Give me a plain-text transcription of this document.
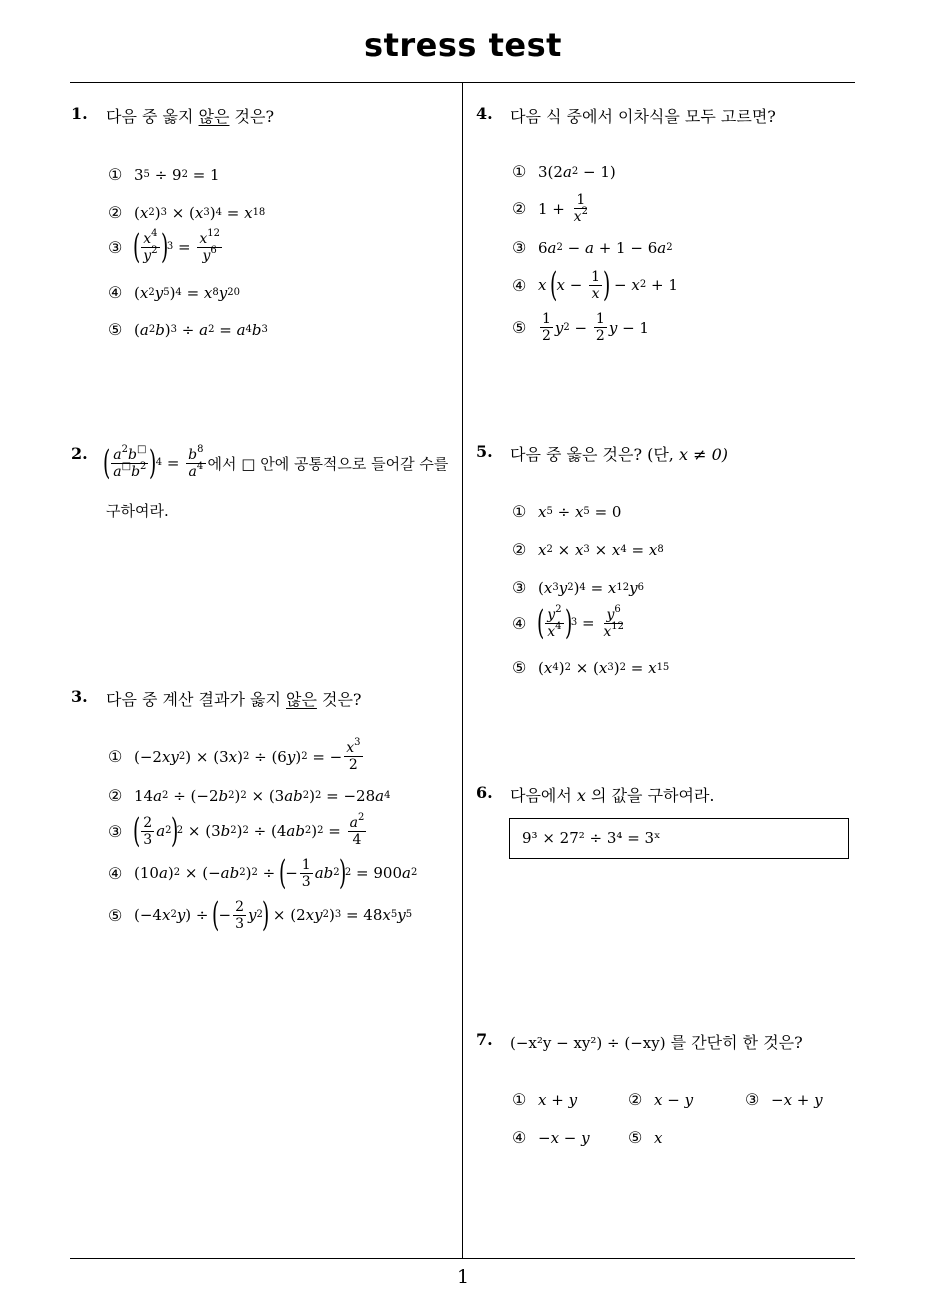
stress test
1
1. 다음 중 옳지 않은 것은?
① 3 5 ÷ 9 2 = 1
② ( x 2 ) 3 × ( x 3 ) 4 = x 18
③ ( $\frac{x^4}{y^2}$ )
$3 = \frac{x^{12}}{y^6}$
④ ( x 2 y 5 ) 4 = x 8 y 20
⑤ ( a 2 b ) 3 ÷ a 2 = a 4 b 3
2. ( $\frac{a^2b^□}{a^□b^2}$ )
$4 = \frac{b^8}{a^4}$ 에서 □ 안에 공통적으로 들어갈 수를
구하여라.
3. 다음 중 계산 결과가 옳지 않은 것은?
① (−2 xy 2 ) × (3 x ) 2 ÷ (6 y ) 2 = − $\frac{x^3}{2}$
② 14 a 2 ÷ (−2 b 2 ) 2 × (3 ab 2 ) 2 = −28 a 4
③ ( $\frac{2}{3}$ a 2
)
2 × (3 b 2 ) 2 ÷ (4 ab 2 ) $2 = \frac{a^2}{4}$
④ (10 a ) 2 × (− ab 2 ) 2 ÷
(
− $\frac{1}{3}$ ab 2
)
2 = 900 a 2
⑤ (−4 x 2 y ) ÷
(
− $\frac{2}{3}$ y 2
)
× (2 xy 2 ) 3 = 48 x 5 y 5
4. 다음 식 중에서 이차식을 모두 고르면?
① 3(2 a 2 − 1)
② $1 + \frac{1}{x^2}$
③ 6 a 2 − a + 1 − 6 a 2
④ x
(
$x - \frac{1}{x}$ )
− x 2 + 1
⑤ $\frac{1}{2}$ y $2 - \frac{1}{2}$ y − 1
5. 다음 중 옳은 것은? (단, x ≠ 0)
① x 5 ÷ x 5 = 0
② x 2 × x 3 × x 4 = x 8
③ ( x 3 y 2 ) 4 = x 12 y 6
④ ( $\frac{y^2}{x^4}$ )
$3 = \frac{y^6}{x^{12}}$
⑤ ( x 4 ) 2 × ( x 3 ) 2 = x 15
6. 다음에서 x 의 값을 구하여라.
9³ × 27² ÷ 3⁴ = 3ˣ
7. (−x²y − xy²) ÷ (−xy) 를 간단히 한 것은?
① x + y	② x − y	③ −x + y
④ −x − y ⑤ x
